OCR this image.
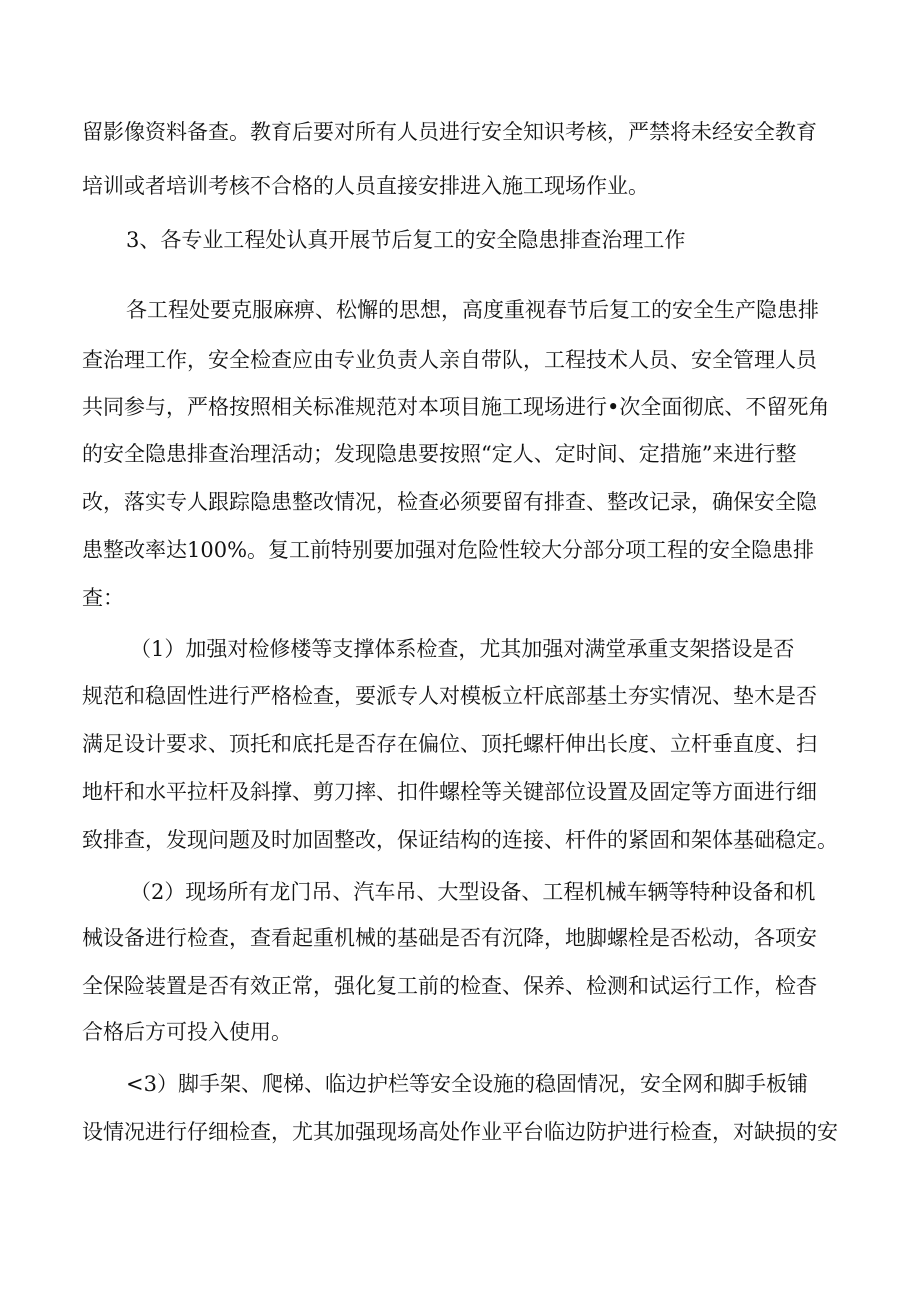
留影像资料备查。教育后要对所有人员进行安全知识考核，严禁将未经安全教育
培训或者培训考核不合格的人员直接安排进入施工现场作业。
3、各专业工程处认真开展节后复工的安全隐患排查治理工作
各工程处要克服麻痹、松懈的思想，高度重视春节后复工的安全生产隐患排
查治理工作，安全检查应由专业负责人亲自带队，工程技术人员、安全管理人员
共同参与，严格按照相关标准规范对本项目施工现场进行•次全面彻底、不留死角
的安全隐患排查治理活动；发现隐患要按照“定人、定时间、定措施”来进行整
改，落实专人跟踪隐患整改情况，检查必须要留有排查、整改记录，确保安全隐
患整改率达100%。复工前特别要加强对危险性较大分部分项工程的安全隐患排
查：
（1）加强对检修楼等支撑体系检查，尤其加强对满堂承重支架搭设是否
规范和稳固性进行严格检查，要派专人对模板立杆底部基土夯实情况、垫木是否
满足设计要求、顶托和底托是否存在偏位、顶托螺杆伸出长度、立杆垂直度、扫
地杆和水平拉杆及斜撑、剪刀摔、扣件螺栓等关键部位设置及固定等方面进行细
致排查，发现问题及时加固整改，保证结构的连接、杆件的紧固和架体基础稳定。
（2）现场所有龙门吊、汽车吊、大型设备、工程机械车辆等特种设备和机
械设备进行检查，查看起重机械的基础是否有沉降，地脚螺栓是否松动，各项安
全保险装置是否有效正常，强化复工前的检查、保养、检测和试运行工作，检杳
合格后方可投入使用。
<3）脚手架、爬梯、临边护栏等安全设施的稳固情况，安全网和脚手板铺
设情况进行仔细检查，尤其加强现场高处作业平台临边防护进行检查，对缺损的安
